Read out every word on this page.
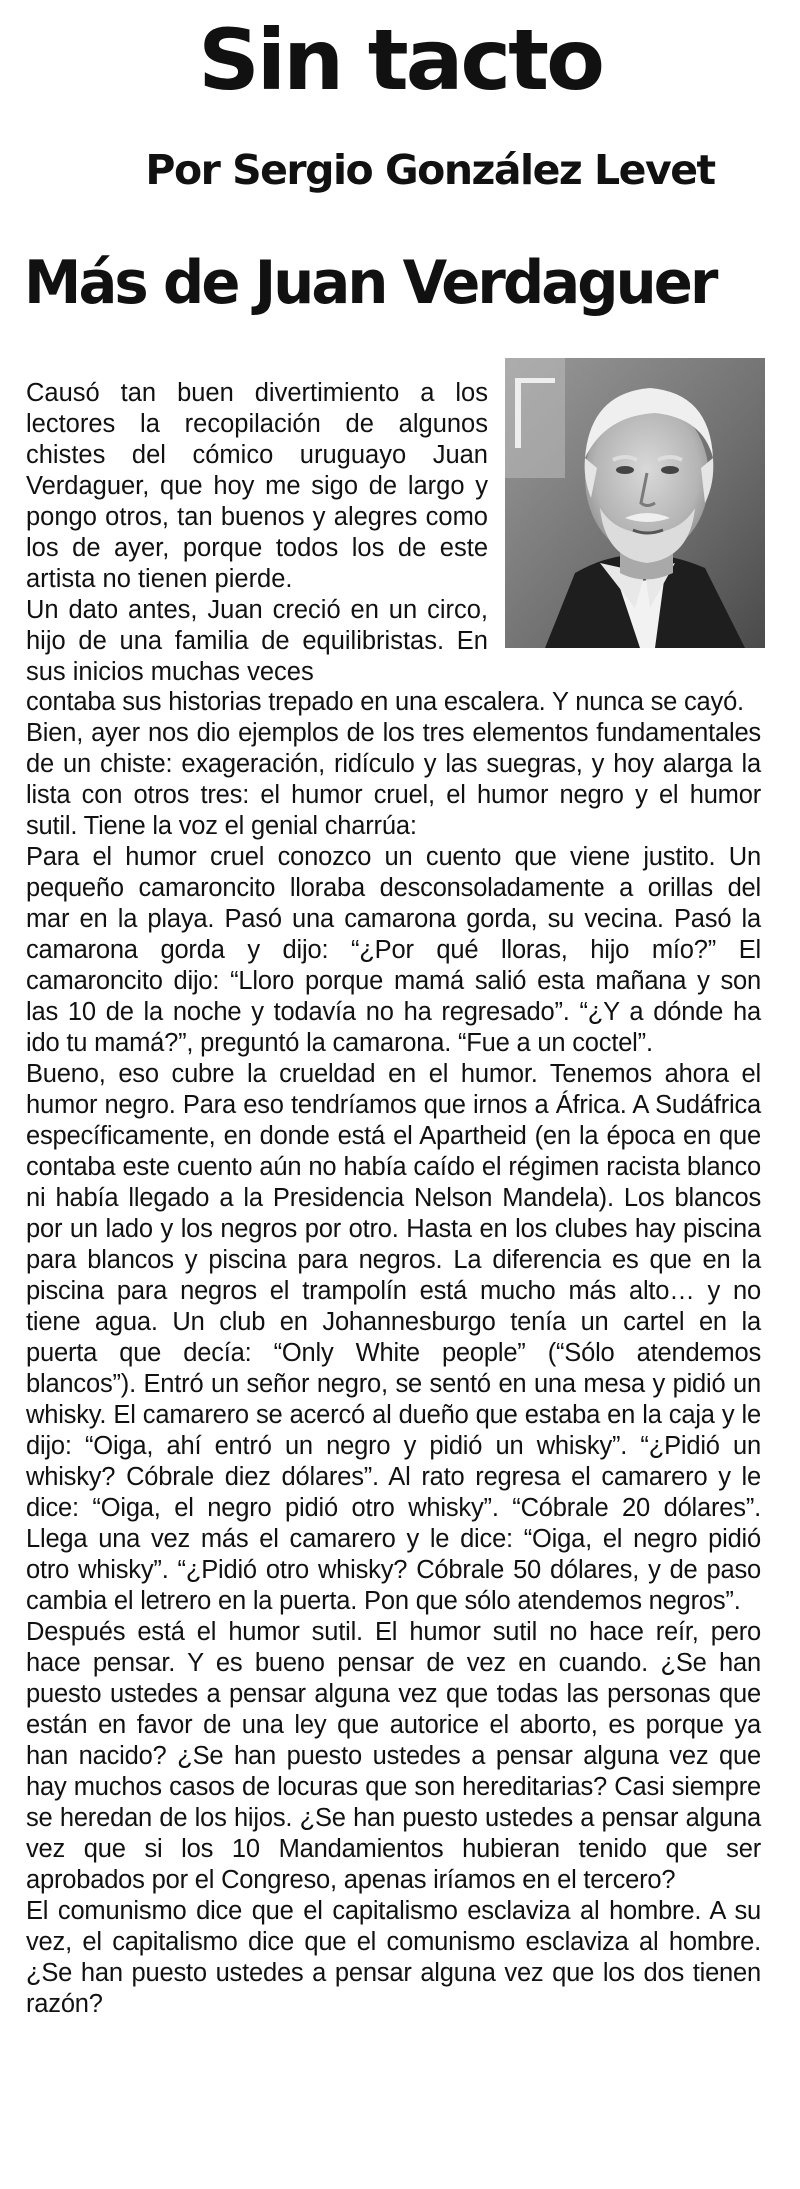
Sin tacto
Por Sergio González Levet
Más de Juan Verdaguer

Causó tan buen divertimiento a los lectores la recopilación de algunos chistes del cómico uruguayo Juan Verdaguer, que hoy me sigo de largo y pongo otros, tan buenos y alegres como los de ayer, porque todos los de este artista no tienen pierde.

Un dato antes, Juan creció en un circo, hijo de una familia de equilibristas. En sus inicios muchas veces

contaba sus historias trepado en una escalera. Y nunca se cayó.

Bien, ayer nos dio ejemplos de los tres elementos fundamentales de un chiste: exageración, ridículo y las suegras, y hoy alarga la lista con otros tres: el humor cruel, el humor negro y el humor sutil. Tiene la voz el genial charrúa:

Para el humor cruel conozco un cuento que viene justito. Un pequeño camaroncito lloraba desconsoladamente a orillas del mar en la playa. Pasó una camarona gorda, su vecina. Pasó la camarona gorda y dijo: “¿Por qué lloras, hijo mío?” El camaroncito dijo: “Lloro porque mamá salió esta mañana y son las 10 de la noche y todavía no ha regresado”. “¿Y a dónde ha ido tu mamá?”, preguntó la camarona. “Fue a un coctel”.

Bueno, eso cubre la crueldad en el humor. Tenemos ahora el humor negro. Para eso tendríamos que irnos a África. A Sudáfrica específicamente, en donde está el Apartheid (en la época en que contaba este cuento aún no había caído el régimen racista blanco ni había llegado a la Presidencia Nelson Mandela). Los blancos por un lado y los negros por otro. Hasta en los clubes hay piscina para blancos y piscina para negros. La diferencia es que en la piscina para negros el trampolín está mucho más alto… y no tiene agua. Un club en Johannesburgo tenía un cartel en la puerta que decía: “Only White people” (“Sólo atendemos blancos”). Entró un señor negro, se sentó en una mesa y pidió un whisky. El camarero se acercó al dueño que estaba en la caja y le dijo: “Oiga, ahí entró un negro y pidió un whisky”. “¿Pidió un whisky? Cóbrale diez dólares”. Al rato regresa el camarero y le dice: “Oiga, el negro pidió otro whisky”. “Cóbrale 20 dólares”. Llega una vez más el camarero y le dice: “Oiga, el negro pidió otro whisky”. “¿Pidió otro whisky? Cóbrale 50 dólares, y de paso cambia el letrero en la puerta. Pon que sólo atendemos negros”.

Después está el humor sutil. El humor sutil no hace reír, pero hace pensar. Y es bueno pensar de vez en cuando. ¿Se han puesto ustedes a pensar alguna vez que todas las personas que están en favor de una ley que autorice el aborto, es porque ya han nacido? ¿Se han puesto ustedes a pensar alguna vez que hay muchos casos de locuras que son hereditarias? Casi siempre se heredan de los hijos. ¿Se han puesto ustedes a pensar alguna vez que si los 10 Mandamientos hubieran tenido que ser aprobados por el Congreso, apenas iríamos en el tercero?

El comunismo dice que el capitalismo esclaviza al hombre. A su vez, el capitalismo dice que el comunismo esclaviza al hombre. ¿Se han puesto ustedes a pensar alguna vez que los dos tienen razón?
